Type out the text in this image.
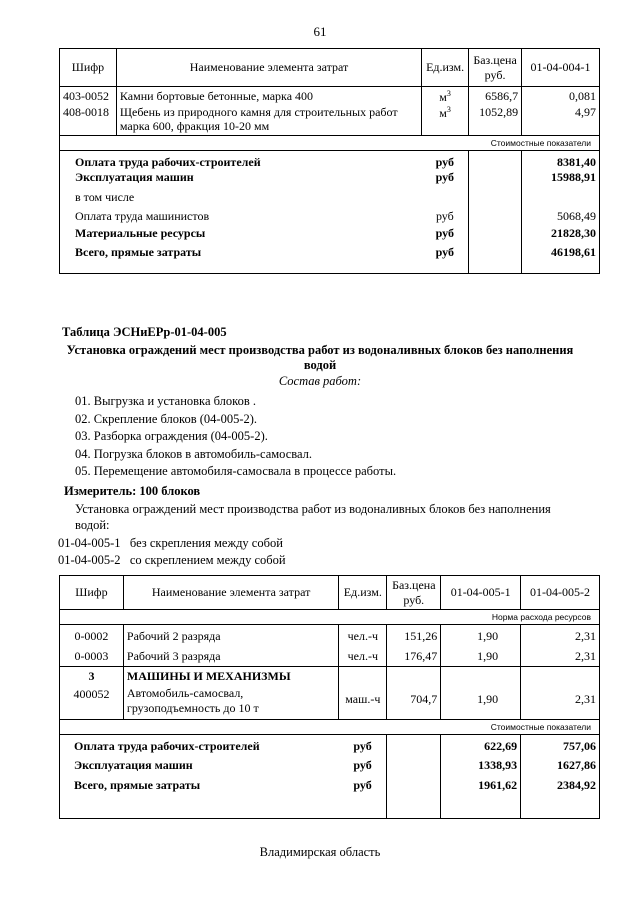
61
Шифр	Наименование элемента затрат	Ед.изм.	Баз.цена руб.	01-04-004-1
403-0052	Камни бортовые бетонные, марка 400	$м^3$	6586,7	0,081
408-0018	Щебень из природного камня для строительных работ марка 600, фракция 10-20 мм	$м^3$	1052,89	4,97
Стоимостные показатели				
Оплата труда рабочих-строителей		руб		8381,40
Эксплуатация машин		руб		15988,91
в том числе				
Оплата труда машинистов		руб		5068,49
Материальные ресурсы		руб		21828,30
Всего, прямые затраты		руб		46198,61
Таблица ЭСНиЕРр-01-04-005
Установка ограждений мест производства работ из водоналивных блоков без наполнения
водой
Состав работ:
01. Выгрузка и установка блоков .
02. Скрепление блоков (04-005-2).
03. Разборка ограждения (04-005-2).
04. Погрузка блоков в автомобиль-самосвал.
05. Перемещение автомобиля-самосвала в процессе работы.
Измеритель: 100 блоков
Установка ограждений мест производства работ из водоналивных блоков без наполнения
водой:
01-04-005-1 без скрепления между собой
01-04-005-2 со скреплением между собой
Шифр	Наименование элемента затрат	Ед.изм.	Баз.цена руб.	01-04-005-1	01-04-005-2
Норма расхода ресурсов					
0-0002	Рабочий 2 разряда	чел.-ч	151,26	1,90	2,31
0-0003	Рабочий 3 разряда	чел.-ч	176,47	1,90	2,31
3	МАШИНЫ И МЕХАНИЗМЫ				
400052	Автомобиль-самосвал,
грузоподъемность до 10 т	маш.-ч	704,7	1,90	2,31
Стоимостные показатели					
Оплата труда рабочих-строителей		руб		622,69	757,06
Эксплуатация машин		руб		1338,93	1627,86
Всего, прямые затраты		руб		1961,62	2384,92
Владимирская область
